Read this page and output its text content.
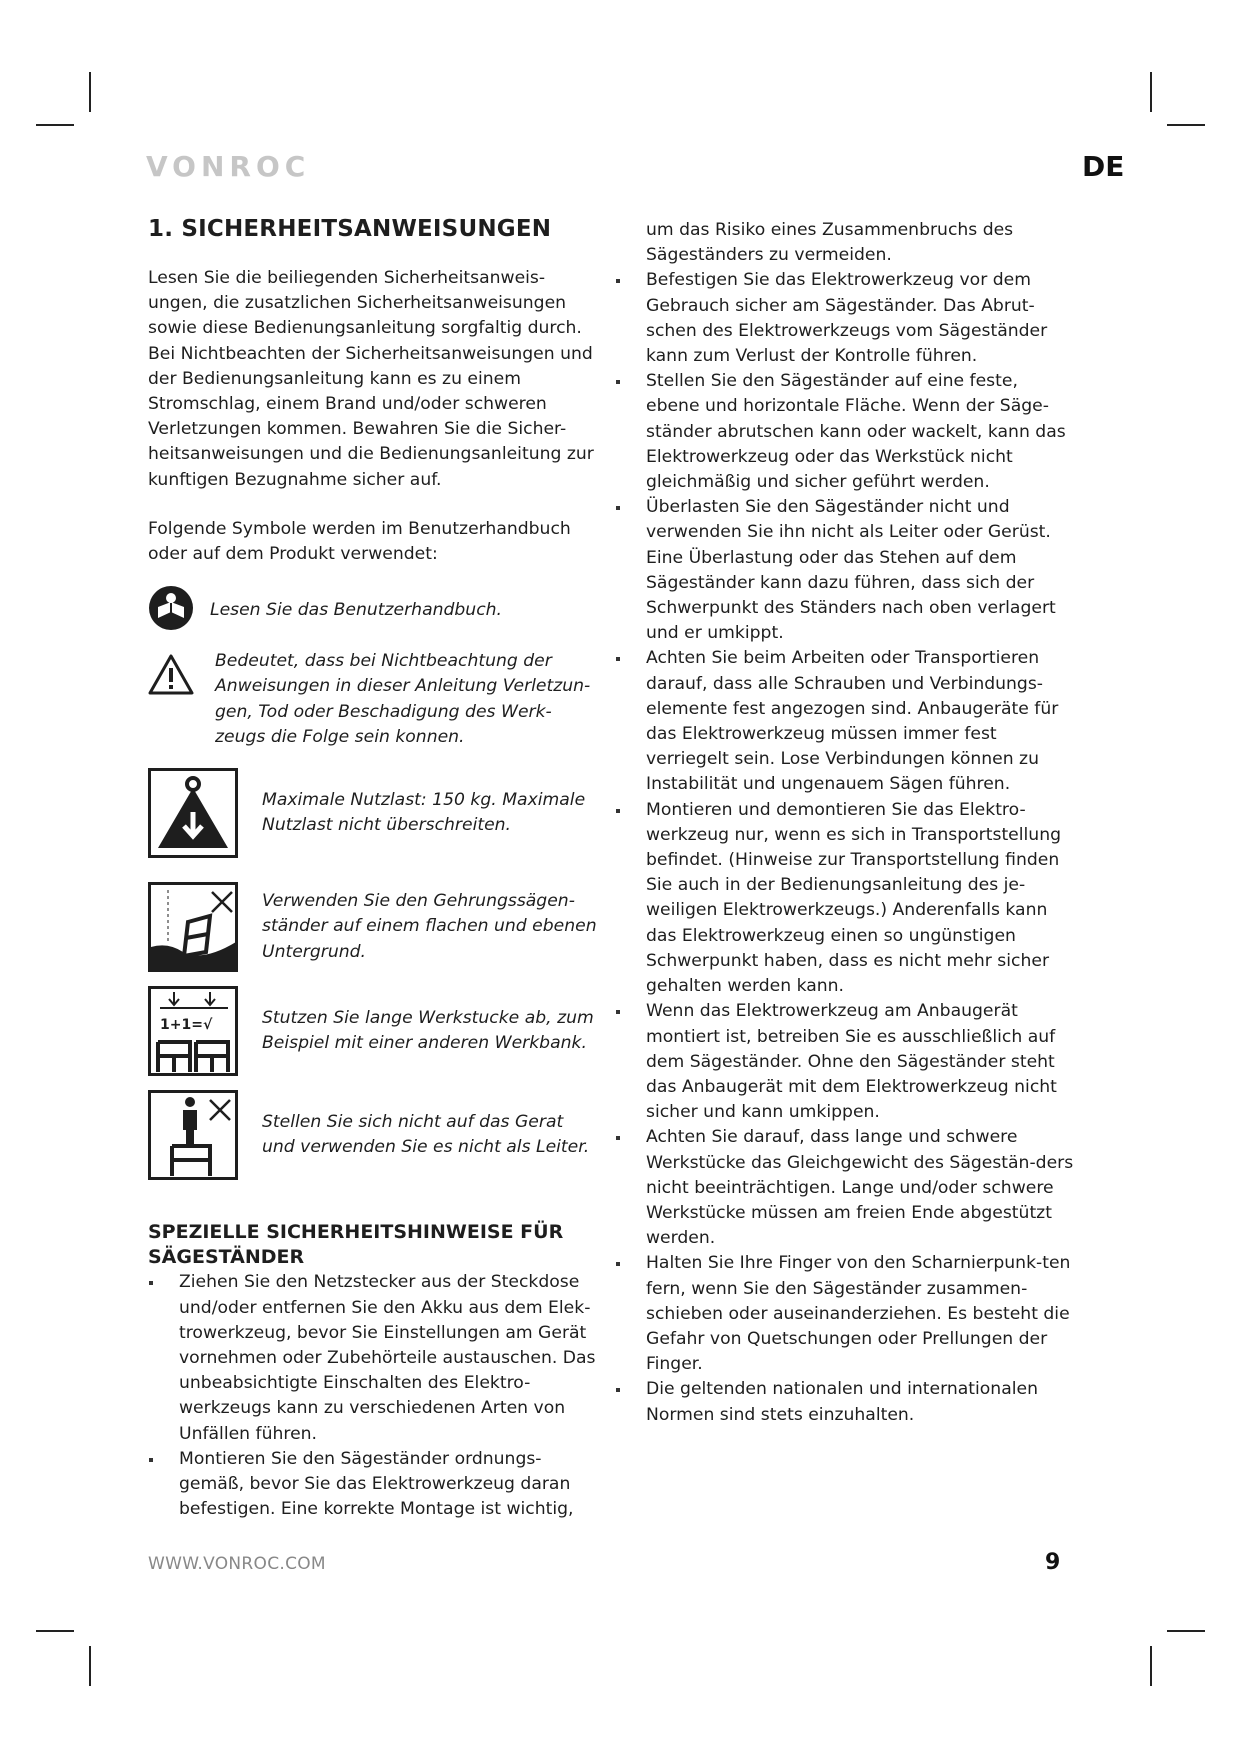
VONROC	DE
1. SICHERHEITSANWEISUNGEN

Lesen Sie die beiliegenden Sicherheitsanweis-ungen, die zusatzlichen Sicherheitsanweisungen sowie diese Bedienungsanleitung sorgfaltig durch. Bei Nichtbeachten der Sicherheitsanweisungen und der Bedienungsanleitung kann es zu einem Stromschlag, einem Brand und/oder schweren Verletzungen kommen. Bewahren Sie die Sicher-heitsanweisungen und die Bedienungsanleitung zur kunftigen Bezugnahme sicher auf.

Folgende Symbole werden im Benutzerhandbuch oder auf dem Produkt verwendet:

Lesen Sie das Benutzerhandbuch.
Bedeutet, dass bei Nichtbeachtung der Anweisungen in dieser Anleitung Verletzun-gen, Tod oder Beschadigung des Werk-zeugs die Folge sein konnen.
Maximale Nutzlast: 150 kg. Maximale Nutzlast nicht überschreiten.
Verwenden Sie den Gehrungssägen-ständer auf einem flachen und ebenen Untergrund.
1+1=√	Stutzen Sie lange Werkstucke ab, zum Beispiel mit einer anderen Werkbank.
Stellen Sie sich nicht auf das Gerat und verwenden Sie es nicht als Leiter.
SPEZIELLE SICHERHEITSHINWEISE FÜR SÄGESTÄNDER
Ziehen Sie den Netzstecker aus der Steckdose und/oder entfernen Sie den Akku aus dem Elek-trowerkzeug, bevor Sie Einstellungen am Gerät vornehmen oder Zubehörteile austauschen. Das unbeabsichtigte Einschalten des Elektro-werkzeugs kann zu verschiedenen Arten von Unfällen führen.
Montieren Sie den Sägeständer ordnungs-gemäß, bevor Sie das Elektrowerkzeug daran befestigen. Eine korrekte Montage ist wichtig,

um das Risiko eines Zusammenbruchs des Sägeständers zu vermeiden.

Befestigen Sie das Elektrowerkzeug vor dem Gebrauch sicher am Sägeständer. Das Abrut-schen des Elektrowerkzeugs vom Sägeständer kann zum Verlust der Kontrolle führen.
Stellen Sie den Sägeständer auf eine feste, ebene und horizontale Fläche. Wenn der Säge-ständer abrutschen kann oder wackelt, kann das Elektrowerkzeug oder das Werkstück nicht gleichmäßig und sicher geführt werden.
Überlasten Sie den Sägeständer nicht und verwenden Sie ihn nicht als Leiter oder Gerüst. Eine Überlastung oder das Stehen auf dem Sägeständer kann dazu führen, dass sich der Schwerpunkt des Ständers nach oben verlagert und er umkippt.
Achten Sie beim Arbeiten oder Transportieren darauf, dass alle Schrauben und Verbindungs-elemente fest angezogen sind. Anbaugeräte für das Elektrowerkzeug müssen immer fest verriegelt sein. Lose Verbindungen können zu Instabilität und ungenauem Sägen führen.
Montieren und demontieren Sie das Elektro-werkzeug nur, wenn es sich in Transportstellung befindet. (Hinweise zur Transportstellung finden Sie auch in der Bedienungsanleitung des je-weiligen Elektrowerkzeugs.) Anderenfalls kann das Elektrowerkzeug einen so ungünstigen Schwerpunkt haben, dass es nicht mehr sicher gehalten werden kann.
Wenn das Elektrowerkzeug am Anbaugerät montiert ist, betreiben Sie es ausschließlich auf dem Sägeständer. Ohne den Sägeständer steht das Anbaugerät mit dem Elektrowerkzeug nicht sicher und kann umkippen.
Achten Sie darauf, dass lange und schwere Werkstücke das Gleichgewicht des Sägestän-ders nicht beeinträchtigen. Lange und/oder schwere Werkstücke müssen am freien Ende abgestützt werden.
Halten Sie Ihre Finger von den Scharnierpunk-ten fern, wenn Sie den Sägeständer zusammen-schieben oder auseinanderziehen. Es besteht die Gefahr von Quetschungen oder Prellungen der Finger.
Die geltenden nationalen und internationalen Normen sind stets einzuhalten.
WWW.VONROC.COM	9
